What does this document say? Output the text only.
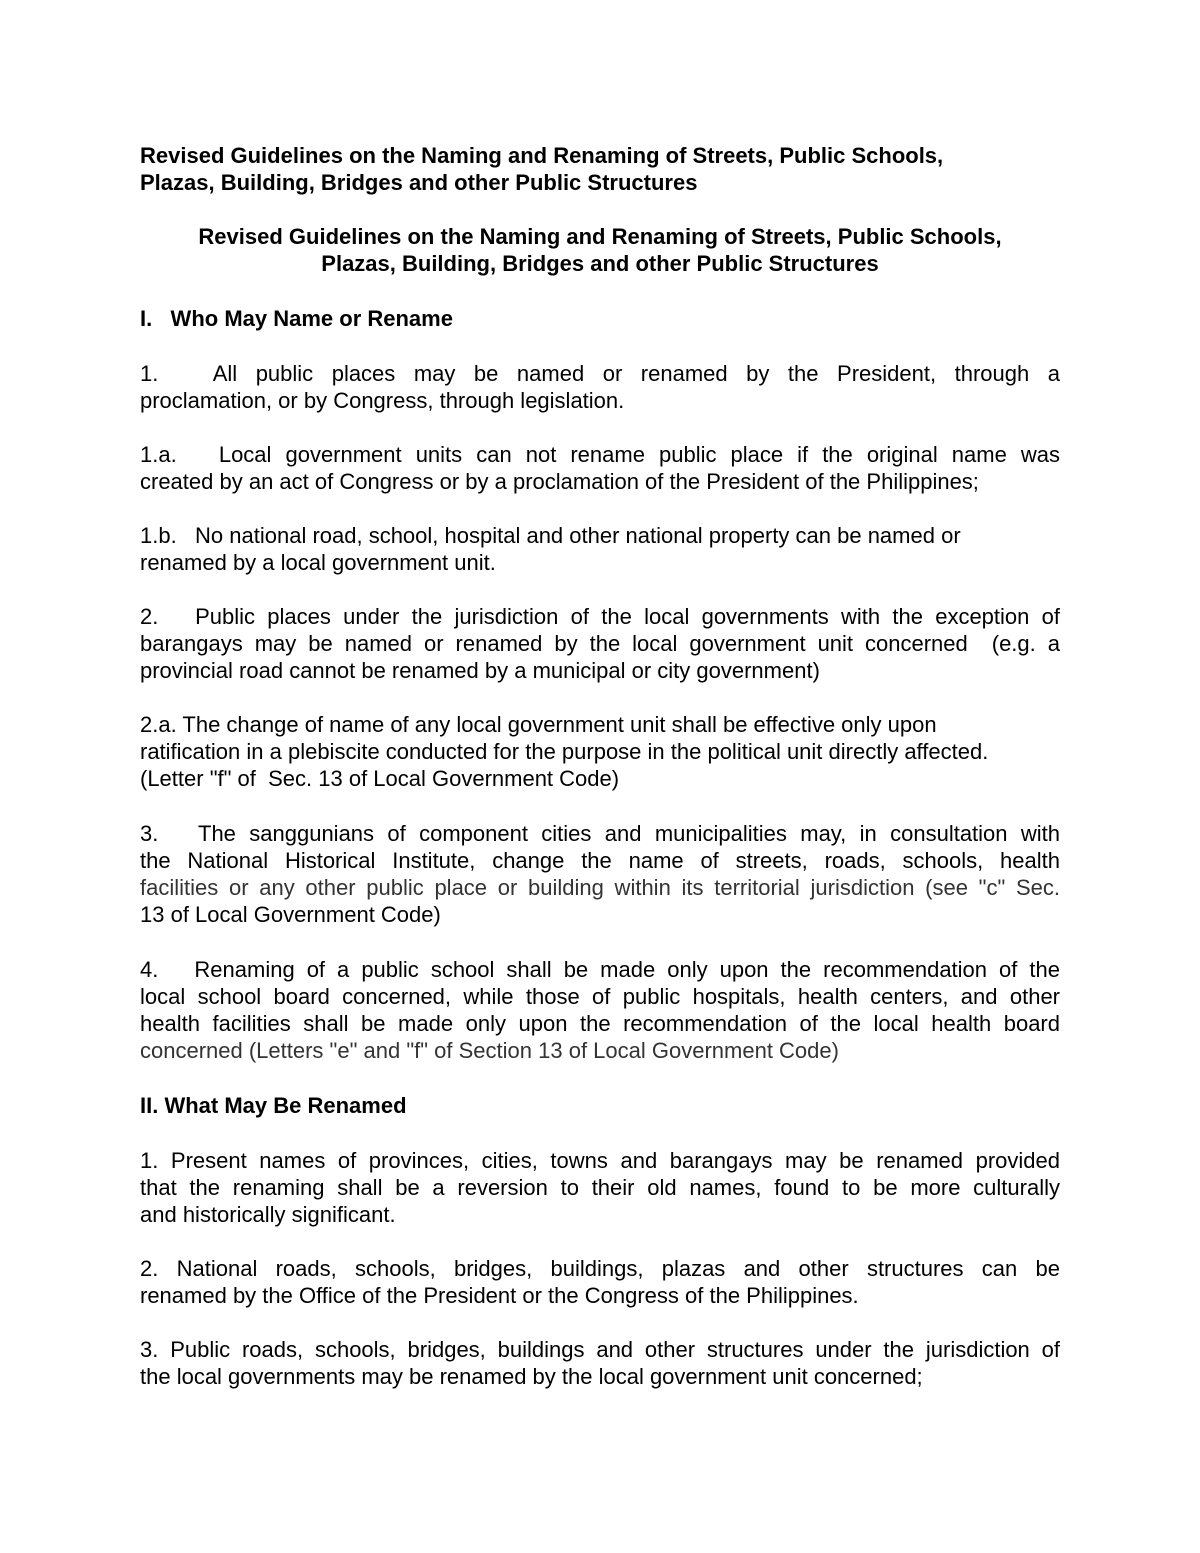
Revised Guidelines on the Naming and Renaming of Streets, Public Schools,
Plazas, Building, Bridges and other Public Structures
Revised Guidelines on the Naming and Renaming of Streets, Public Schools,
Plazas, Building, Bridges and other Public Structures
I.   Who May Name or Rename
1.   All public places may be named or renamed by the President, through a
proclamation, or by Congress, through legislation.
1.a.   Local government units can not rename public place if the original name was
created by an act of Congress or by a proclamation of the President of the Philippines;
1.b.   No national road, school, hospital and other national property can be named or
renamed by a local government unit.
2.   Public places under the jurisdiction of the local governments with the exception of
barangays may be named or renamed by the local government unit concerned  (e.g. a
provincial road cannot be renamed by a municipal or city government)
2.a. The change of name of any local government unit shall be effective only upon
ratification in a plebiscite conducted for the purpose in the political unit directly affected.
(Letter "f" of  Sec. 13 of Local Government Code)
3.   The sanggunians of component cities and municipalities may, in consultation with
the National Historical Institute, change the name of streets, roads, schools, health
facilities or any other public place or building within its territorial jurisdiction (see "c" Sec.
13 of Local Government Code)
4.   Renaming of a public school shall be made only upon the recommendation of the
local school board concerned, while those of public hospitals, health centers, and other
health facilities shall be made only upon the recommendation of the local health board
concerned (Letters "e" and "f" of Section 13 of Local Government Code)
II. What May Be Renamed
1. Present names of provinces, cities, towns and barangays may be renamed provided
that the renaming shall be a reversion to their old names, found to be more culturally
and historically significant.
2. National roads, schools, bridges, buildings, plazas and other structures can be
renamed by the Office of the President or the Congress of the Philippines.
3. Public roads, schools, bridges, buildings and other structures under the jurisdiction of
the local governments may be renamed by the local government unit concerned;
